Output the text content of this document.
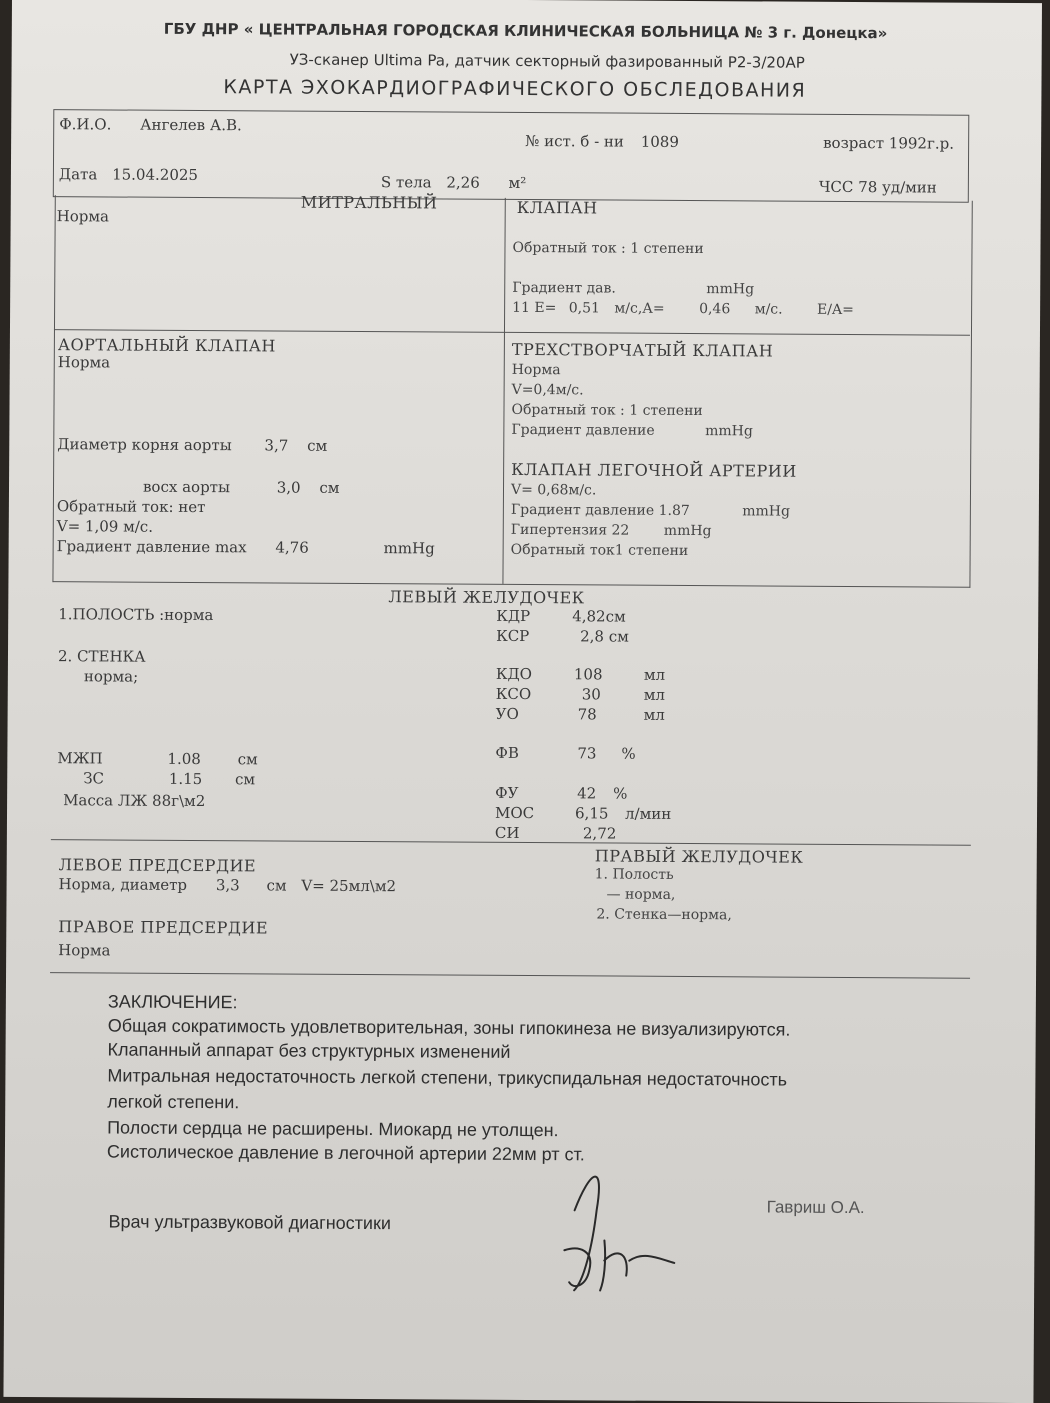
ГБУ ДНР « ЦЕНТРАЛЬНАЯ ГОРОДСКАЯ КЛИНИЧЕСКАЯ БОЛЬНИЦА № 3 г. Донецка»
УЗ-сканер Ultima Pa, датчик секторный фазированный P2-3/20AP
КАРТА ЭХОКАРДИОГРАФИЧЕСКОГО ОБСЛЕДОВАНИЯ
Ф.И.О. Ангелев А.В.
№ ист. б - ни 1089	возраст 1992г.р.
Дата 15.04.2025	S тела 2,26 м²	ЧСС 78 уд/мин
МИТРАЛЬНЫЙ	КЛАПАН
Норма
Обратный ток : 1 степени
Градиент дав.	mmHg
11 E= 0,51 м/с,А= 0,46 м/с. E/A=
АОРТАЛЬНЫЙ КЛАПАН
Норма
Диаметр корня аорты 3,7 см
восх аорты	3,0 см
Обратный ток: нет
V= 1,09 м/с.
Градиент давление max 4,76	mmHg
ТРЕХСТВОРЧАТЫЙ КЛАПАН
Норма
V=0,4м/с.
Обратный ток : 1 степени
Градиент давление	mmHg
КЛАПАН ЛЕГОЧНОЙ АРТЕРИИ
V= 0,68м/с.
Градиент давление 1.87	mmHg
Гипертензия 22 mmHg
Обратный ток1 степени
ЛЕВЫЙ ЖЕЛУДОЧЕК
1.ПОЛОСТЬ :норма
2. СТЕНКА
норма;
МЖП	1.08 см
ЗС	1.15 см
Масса ЛЖ 88г\м2
КДР	4,82см
КСР	2,8 см
КДО	108	мл
КСО	30	мл
УО	78	мл
ФВ	73 %
ФУ	42 %
МОС	6,15 л/мин
СИ	2,72
ЛЕВОЕ ПРЕДСЕРДИЕ
Норма, диаметр 3,3 см V= 25мл\м2
ПРАВЫЙ ЖЕЛУДОЧЕК
1. Полость
— норма,
2. Стенка—норма,
ПРАВОЕ ПРЕДСЕРДИЕ
Норма
ЗАКЛЮЧЕНИЕ:
Общая сократимость удовлетворительная, зоны гипокинеза не визуализируются.
Клапанный аппарат без структурных изменений
Митральная недостаточность легкой степени, трикуспидальная недостаточность
легкой степени.
Полости сердца не расширены. Миокард не утолщен.
Систолическое давление в легочной артерии 22мм рт ст.
Врач ультразвуковой диагностики
Гавриш О.А.
